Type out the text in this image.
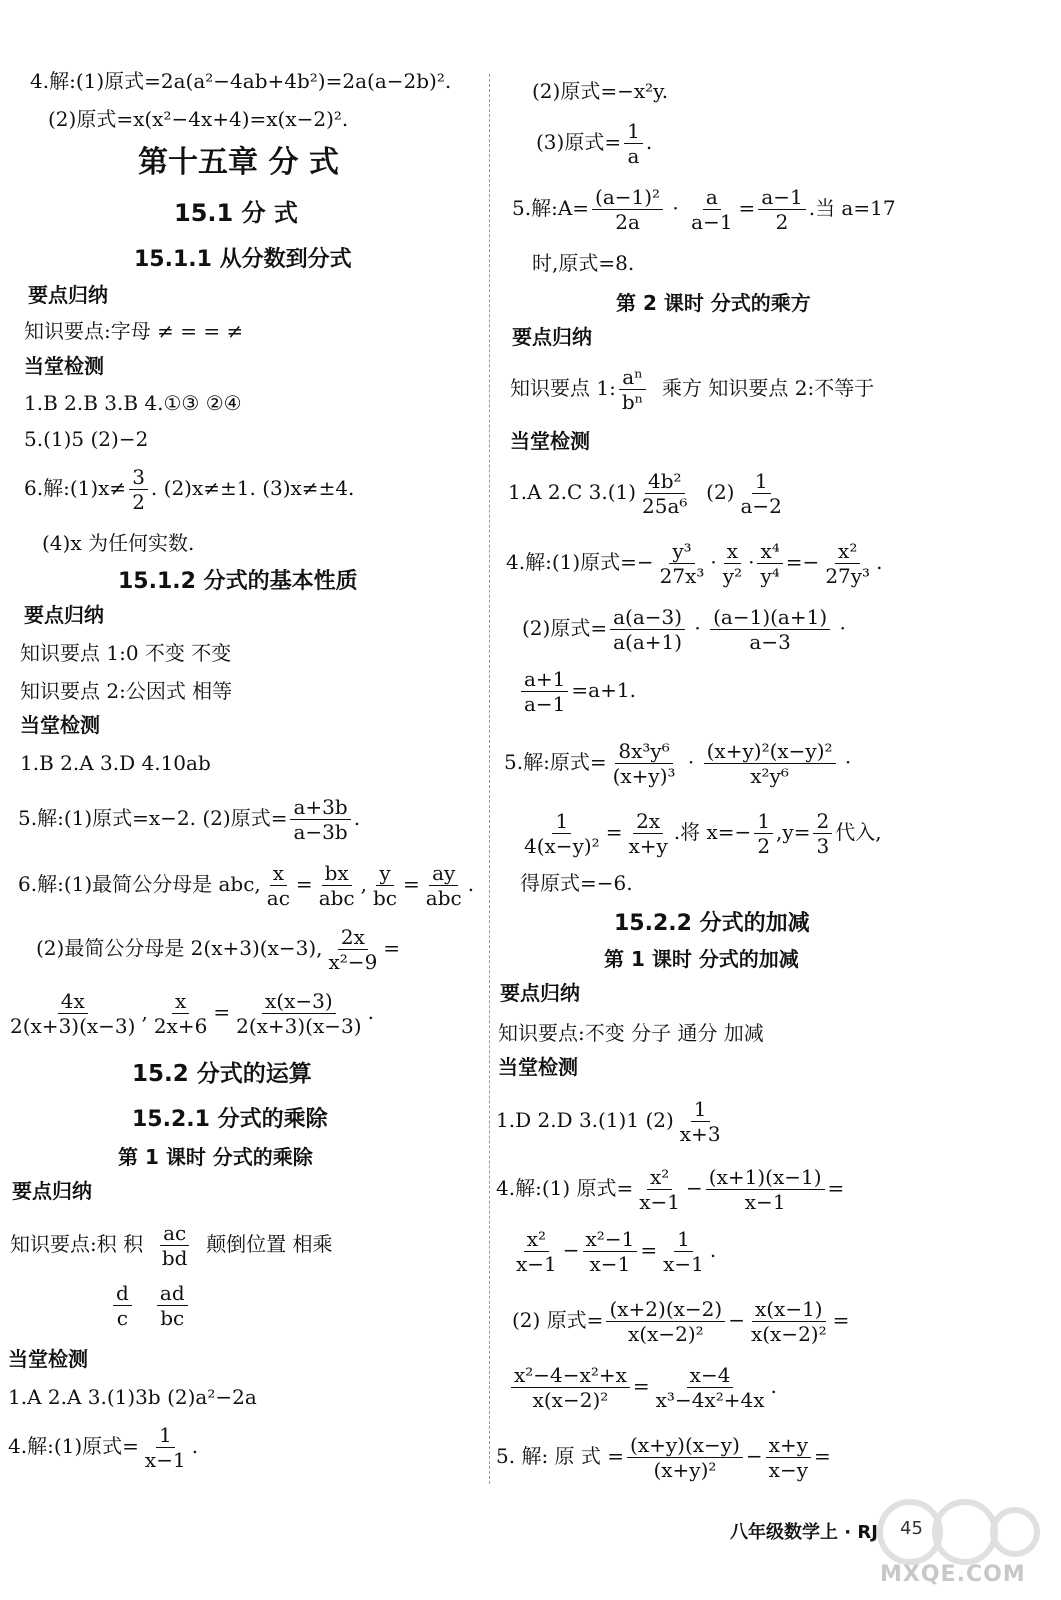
4.解:(1)原式=2a(a²−4ab+4b²)=2a(a−2b)².
(2)原式=x(x²−4x+4)=x(x−2)².
第十五章 分 式
15.1 分 式
15.1.1 从分数到分式
要点归纳
知识要点:字母 ≠ = = ≠
当堂检测
1.B 2.B 3.B 4.①③ ②④
5.(1)5 (2)−2
6.解:(1)x≠ $\frac{3}{2}$ . (2)x≠±1. (3)x≠±4.
(4)x 为任何实数.
15.1.2 分式的基本性质
要点归纳
知识要点 1:0 不变 不变
知识要点 2:公因式 相等
当堂检测
1.B 2.A 3.D 4.10ab
5.解:(1)原式=x−2. (2)原式= $\frac{a+3b}{a-3b}$ .
6.解:(1)最简公分母是 abc, $\frac{x}{ac}$ = bx
abc
, $\frac{y}{bc}$ = ay
abc
.
(2)最简公分母是 2(x+3)(x−3), $\frac{2x}{\text{x²−9}}$ =
$\frac{4x}{2(x+3)(x-3)}$ , $\frac{x}{2x+6} = \frac{x(x-3)}{2(x+3)(x-3)}$ .
15.2 分式的运算
15.2.1 分式的乘除
第 1 课时 分式的乘除
要点归纳
知识要点:积 积 $\frac{ac}{bd}$ 颠倒位置 相乘
$\frac{d}{c}$
$\frac{ad}{bc}$
当堂检测
1.A 2.A 3.(1)3b (2)a²−2a
4.解:(1)原式= $\frac{1}{x-1}$ .
(2)原式=−x²y.
(3)原式= $\frac{1}{a}$ .
5.解:A= $\frac{\text{(a−1)²}}{2a} \cdot \frac{a}{a-1} = \frac{a-1}{2}$ .当 a=17
时,原式=8.
第 2 课时 分式的乘方
要点归纳
知识要点 1: $\frac{\text{aⁿ}}{\text{bⁿ}}$ 乘方 知识要点 2:不等于
当堂检测
1.A 2.C $3.(1) \frac{\text{4b²}}{\text{25a⁶}} (2) \frac{1}{a-2}$
4.解:(1)原式=− $\frac{\text{y³}}{\text{27x³}} \cdot \frac{x}{\text{y²}} \cdot \frac{\text{x⁴}}{\text{y⁴}} =- \frac{\text{x²}}{\text{27y³}}$ .
(2)原式= $\frac{a(a-3)}{a(a+1)} \cdot \frac{(a-1)(a+1)}{a-3}$ ·
$\frac{a+1}{a-1} =a+1$.
5.解:原式= $\frac{\text{8x³y⁶}}{\text{(x+y)³}} \cdot \frac{\text{(x+y)²(x−y)²}}{\text{x²y⁶}}$ ·
$\frac{1}{\text{4(x−y)²}} = \frac{2x}{x+y}$ .将 $x=- \frac{1}{2} ,y= \frac{2}{3}$ 代入,
得原式=−6.
15.2.2 分式的加减
第 1 课时 分式的加减
要点归纳
知识要点:不变 分子 通分 加减
当堂检测
1.D 2.D 3.(1)1 $(2) \frac{1}{x+3}$
4.解:(1) 原式= $\frac{\text{x²}}{x-1} - \frac{(x+1)(x-1)}{x-1}$ =
$\frac{\text{x²}}{x-1} - \frac{\text{x²−1}}{x-1} = \frac{1}{x-1}$ .
(2) 原式= $\frac{(x+2)(x-2)}{\text{x(x−2)²}} - \frac{x(x-1)}{\text{x(x−2)²}}$ =
$\frac{\text{x²−4−x²+x}}{\text{x(x−2)²}} = \frac{x-4}{\text{x³−4x²+4x}}$ .
5. 解: 原 式 = $\frac{(x+y)(x-y)}{\text{(x+y)²}} - \frac{x+y}{x-y}$ =
八年级数学上 · RJ 45
MXQE.COM
